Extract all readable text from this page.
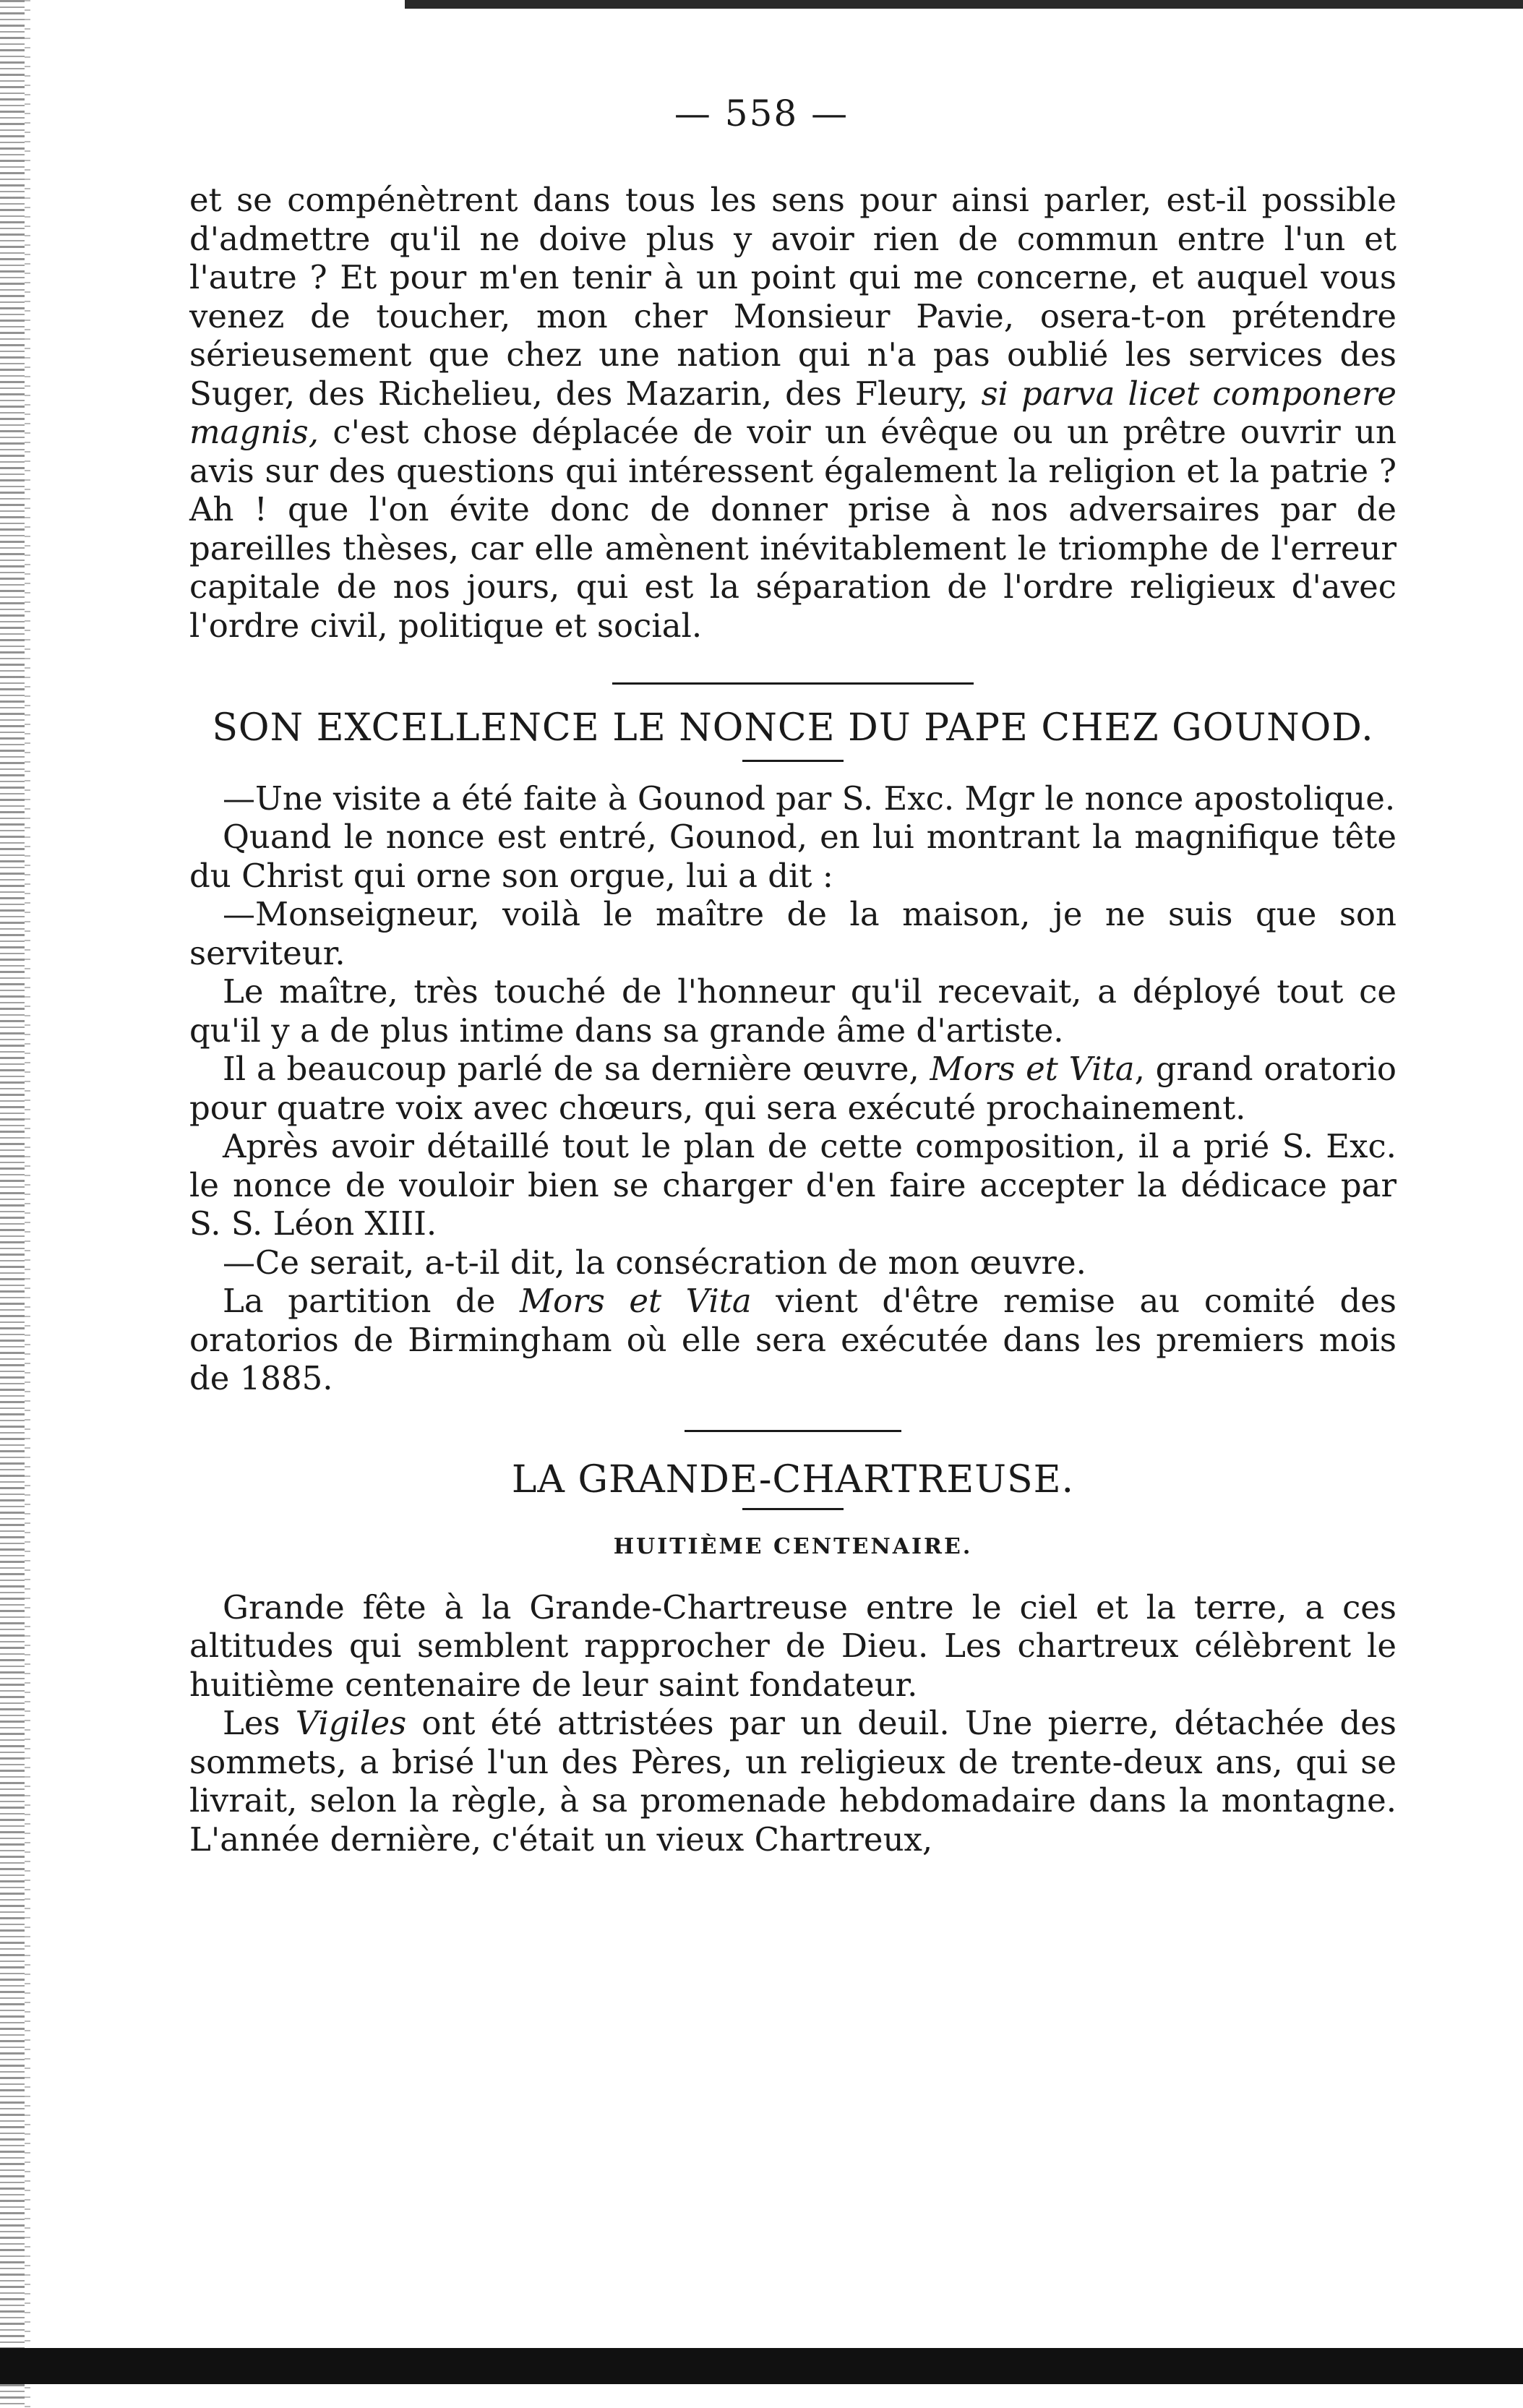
— 558 —

et se compénètrent dans tous les sens pour ainsi parler, est-il possible d'admettre qu'il ne doive plus y avoir rien de commun entre l'un et l'autre ? Et pour m'en tenir à un point qui me concerne, et auquel vous venez de toucher, mon cher Monsieur Pavie, osera-t-on prétendre sérieusement que chez une nation qui n'a pas oublié les services des Suger, des Richelieu, des Mazarin, des Fleury, si parva licet componere magnis, c'est chose déplacée de voir un évêque ou un prêtre ouvrir un avis sur des questions qui intéressent également la religion et la patrie ? Ah ! que l'on évite donc de donner prise à nos adversaires par de pareilles thèses, car elle amènent inévitablement le triomphe de l'erreur capitale de nos jours, qui est la séparation de l'ordre religieux d'avec l'ordre civil, politique et social.

SON EXCELLENCE LE NONCE DU PAPE CHEZ GOUNOD.

—Une visite a été faite à Gounod par S. Exc. Mgr le nonce apostolique.

Quand le nonce est entré, Gounod, en lui montrant la magnifique tête du Christ qui orne son orgue, lui a dit :

—Monseigneur, voilà le maître de la maison, je ne suis que son serviteur.

Le maître, très touché de l'honneur qu'il recevait, a déployé tout ce qu'il y a de plus intime dans sa grande âme d'artiste.

Il a beaucoup parlé de sa dernière œuvre, Mors et Vita, grand oratorio pour quatre voix avec chœurs, qui sera exécuté prochainement.

Après avoir détaillé tout le plan de cette composition, il a prié S. Exc. le nonce de vouloir bien se charger d'en faire accepter la dédicace par S. S. Léon XIII.

—Ce serait, a-t-il dit, la consécration de mon œuvre.

La partition de Mors et Vita vient d'être remise au comité des oratorios de Birmingham où elle sera exécutée dans les premiers mois de 1885.

LA GRANDE-CHARTREUSE.

HUITIÈME CENTENAIRE.

Grande fête à la Grande-Chartreuse entre le ciel et la terre, a ces altitudes qui semblent rapprocher de Dieu. Les chartreux célèbrent le huitième centenaire de leur saint fondateur.

Les Vigiles ont été attristées par un deuil. Une pierre, détachée des sommets, a brisé l'un des Pères, un religieux de trente-deux ans, qui se livrait, selon la règle, à sa promenade hebdomadaire dans la montagne. L'année dernière, c'était un vieux Chartreux,
